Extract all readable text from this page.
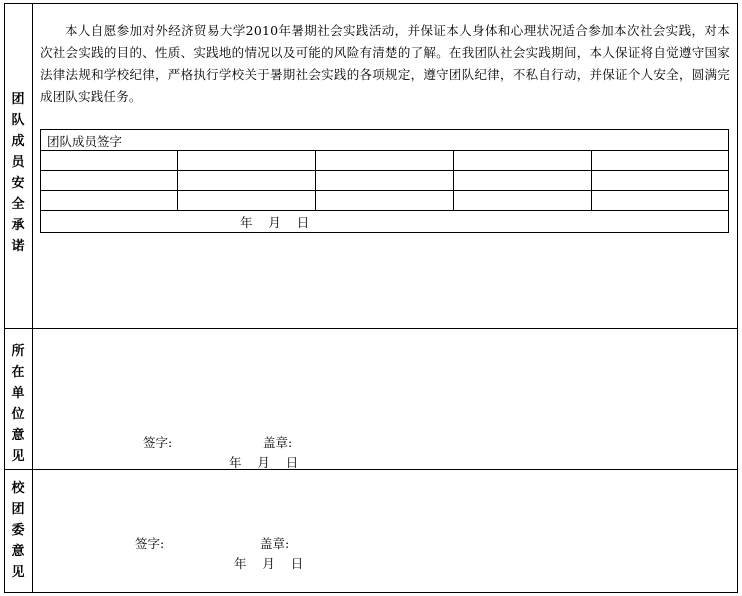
团
队
成
员
安
全
承
诺
本人自愿参加对外经济贸易大学2010年暑期社会实践活动，并保证本人身体和心理状况适合参加本次社会实践，对本次社会实践的目的、性质、实践地的情况以及可能的风险有清楚的了解。在我团队社会实践期间，本人保证将自觉遵守国家法律法规和学校纪律，严格执行学校关于暑期社会实践的各项规定，遵守团队纪律，不私自行动，并保证个人安全，圆满完成团队实践任务。
团队成员签字
年    月    日
所
在
单
位
意
见
签字:	盖章:
年    月    日
校
团
委
意
见
签字:	盖章:
年    月    日
